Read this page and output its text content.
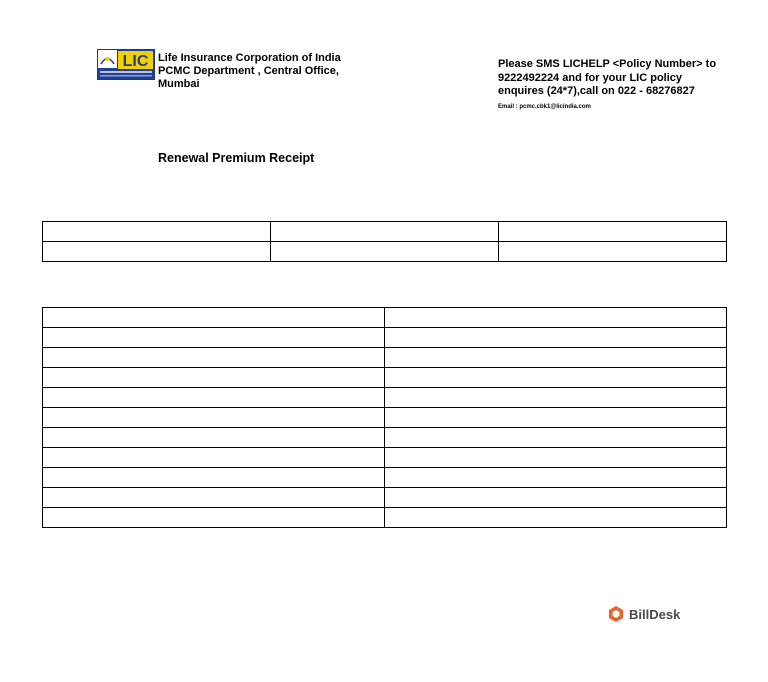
LIC Life Insurance Corporation of India
PCMC Department , Central Office,
Mumbai
Please SMS LICHELP <Policy Number> to
9222492224 and for your LIC policy
enquires (24*7),call on 022 - 68276827
Email : pcmc.cbk1@licindia.com
Renewal Premium Receipt

BillDesk
